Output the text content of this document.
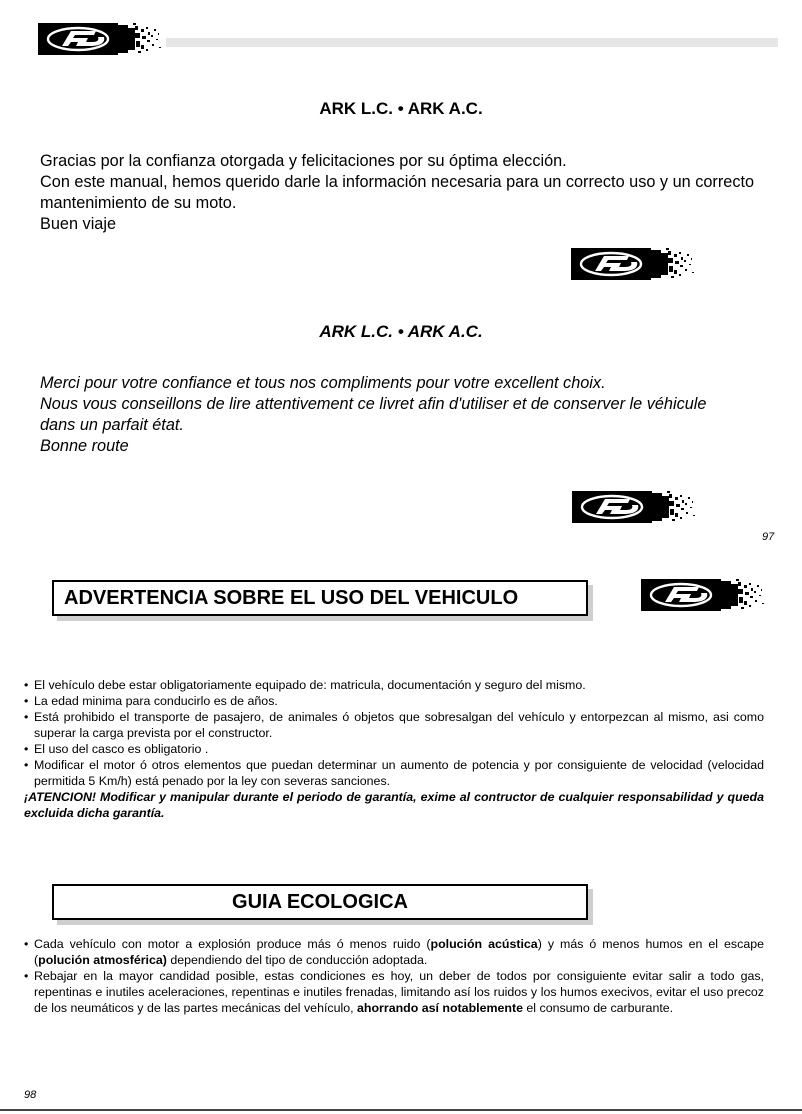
ARK L.C. • ARK A.C.

Gracias por la confianza otorgada y felicitaciones por su óptima elección.

Con este manual, hemos querido darle la información necesaria para un correcto uso y un correcto

mantenimiento de su moto.

Buen viaje

ARK L.C. • ARK A.C.

Merci pour votre confiance et tous nos compliments pour votre excellent choix.

Nous vous conseillons de lire attentivement ce livret afin d'utiliser et de conserver le véhicule

dans un parfait état.

Bonne route

97
ADVERTENCIA SOBRE EL USO DEL VEHICULO
• El vehículo debe estar obligatoriamente equipado de: matricula, documentación y seguro del mismo.
• La edad minima para conducirlo es de años.
• Está prohibido el transporte de pasajero, de animales ó objetos que sobresalgan del vehículo y entorpezcan al mismo, asi como superar la carga prevista por el constructor.
• El uso del casco es obligatorio .
• Modificar el motor ó otros elementos que puedan determinar un aumento de potencia y por consiguiente de velocidad (velocidad permitida 5 Km/h) está penado por la ley con severas sanciones.
¡ATENCION! Modificar y manipular durante el periodo de garantía, exime al contructor de cualquier responsabilidad y queda excluida dicha garantía.
GUIA ECOLOGICA
• Cada vehículo con motor a explosión produce más ó menos ruido (polución acústica) y más ó menos humos en el escape (polución atmosférica) dependiendo del tipo de conducción adoptada.
• Rebajar en la mayor candidad posible, estas condiciones es hoy, un deber de todos por consiguiente evitar salir a todo gas, repentinas e inutiles aceleraciones, repentinas e inutiles frenadas, limitando así los ruidos y los humos execivos, evitar el uso precoz de los neumáticos y de las partes mecánicas del vehículo, ahorrando así notablemente el consumo de carburante.
98
